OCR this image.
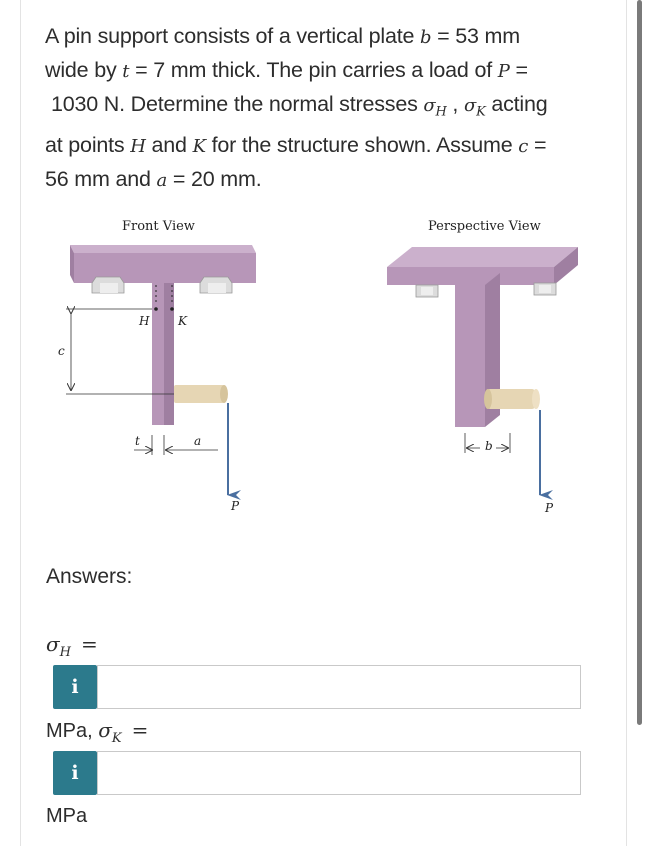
A pin support consists of a vertical plate b = 53 mm
wide by t = 7 mm thick. The pin carries a load of P =
1030 N. Determine the normal stresses $\sigma_H$ , $\sigma_K$ acting
at points H and K for the structure shown. Assume c =
56 mm and a = 20 mm.
Front View
H K
c
t	a
P
Perspective View
b
P
Answers:
$\sigma_H$ =
i
MPa, $\sigma_K$ =
i
MPa
